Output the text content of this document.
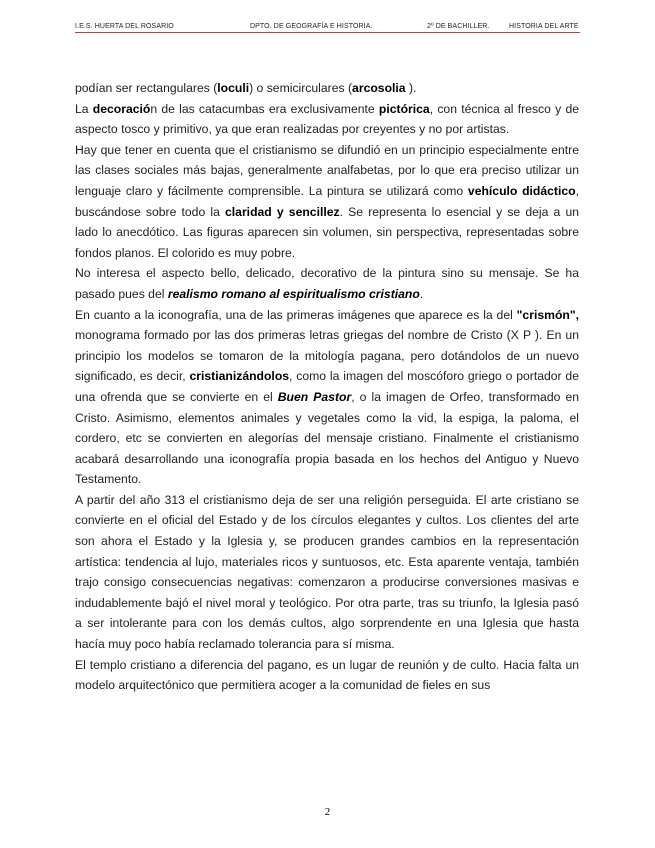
I.E.S. HUERTA DEL ROSARIO	DPTO. DE GEOGRAFÍA E HISTORIA.	2º DE BACHILLER.	HISTORIA DEL ARTE

podían ser rectangulares (loculi) o semicirculares (arcosolia ).

La decoración de las catacumbas era exclusivamente pictórica, con técnica al fresco y de aspecto tosco y primitivo, ya que eran realizadas por creyentes y no por artistas.

Hay que tener en cuenta que el cristianismo se difundió en un principio especialmente entre las clases sociales más bajas, generalmente analfabetas, por lo que era preciso utilizar un lenguaje claro y fácilmente comprensible. La pintura se utilizará como vehículo didáctico, buscándose sobre todo la claridad y sencillez. Se representa lo esencial y se deja a un lado lo anecdótico. Las figuras aparecen sin volumen, sin perspectiva, representadas sobre fondos planos. El colorido es muy pobre.

No interesa el aspecto bello, delicado, decorativo de la pintura sino su mensaje. Se ha pasado pues del realismo romano al espiritualismo cristiano.

En cuanto a la iconografía, una de las primeras imágenes que aparece es la del "crismón", monograma formado por las dos primeras letras griegas del nombre de Cristo (X P ). En un principio los modelos se tomaron de la mitología pagana, pero dotándolos de un nuevo significado, es decir, cristianizándolos, como la imagen del moscóforo griego o portador de una ofrenda que se convierte en el Buen Pastor, o la imagen de Orfeo, transformado en Cristo. Asimismo, elementos animales y vegetales como la vid, la espiga, la paloma, el cordero, etc se convierten en alegorías del mensaje cristiano. Finalmente el cristianismo acabará desarrollando una iconografía propia basada en los hechos del Antiguo y Nuevo Testamento.

A partir del año 313 el cristianismo deja de ser una religión perseguida. El arte cristiano se convierte en el oficial del Estado y de los círculos elegantes y cultos. Los clientes del arte son ahora el Estado y la Iglesia y, se producen grandes cambios en la representación artística: tendencia al lujo, materiales ricos y suntuosos, etc. Esta aparente ventaja, también trajo consigo consecuencias negativas: comenzaron a producirse conversiones masivas e indudablemente bajó el nivel moral y teológico. Por otra parte, tras su triunfo, la Iglesia pasó a ser intolerante para con los demás cultos, algo sorprendente en una Iglesia que hasta hacía muy poco había reclamado tolerancia para sí misma.

El templo cristiano a diferencia del pagano, es un lugar de reunión y de culto. Hacia falta un modelo arquitectónico que permitiera acoger a la comunidad de fieles en sus

2
